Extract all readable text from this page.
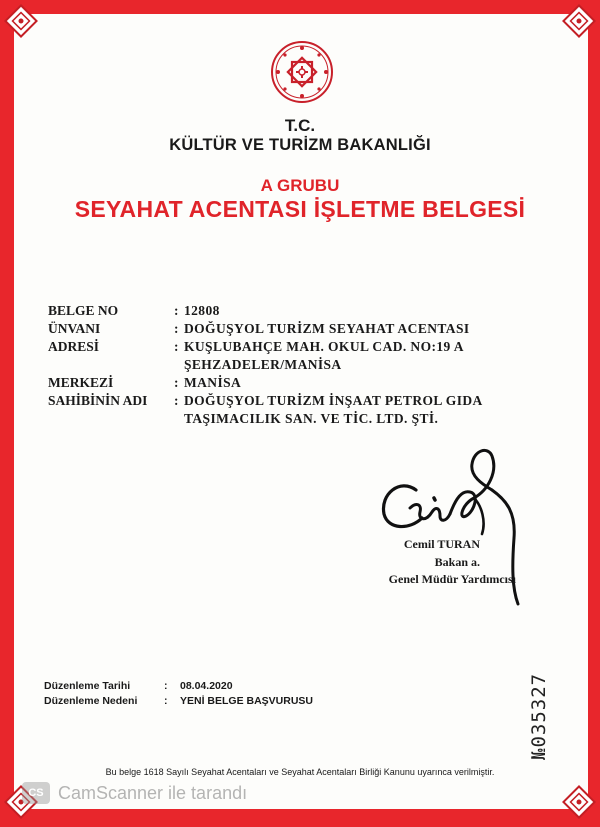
T.C.
KÜLTÜR VE TURİZM BAKANLIĞI
A GRUBU
SEYAHAT ACENTASI İŞLETME BELGESİ
BELGE NO	: 12808
ÜNVANI	: DOĞUŞYOL TURİZM SEYAHAT ACENTASI
ADRESİ	: KUŞLUBAHÇE MAH. OKUL CAD. NO:19 A
ŞEHZADELER/MANİSA
MERKEZİ	: MANİSA
SAHİBİNİN ADI	: DOĞUŞYOL TURİZM İNŞAAT PETROL GIDA
TAŞIMACILIK SAN. VE TİC. LTD. ŞTİ.
Cemil TURAN
Bakan a.
Genel Müdür Yardımcısı
Düzenleme Tarihi	: 08.04.2020
Düzenleme Nedeni	: YENİ BELGE BAŞVURUSU	№035327
Bu belge 1618 Sayılı Seyahat Acentaları ve Seyahat Acentaları Birliği Kanunu uyarınca verilmiştir.
CS CamScanner ile tarandı
